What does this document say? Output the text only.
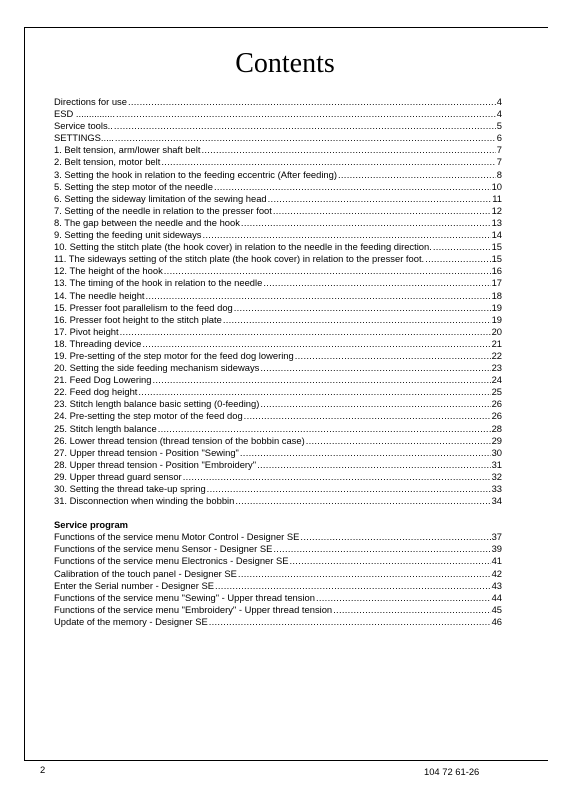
Contents
Directions for use .....	4
ESD ............... .....	4
Service tools.. .....	5
SETTINGS..... .....	6
1. Belt tension, arm/lower shaft belt .....	7
2. Belt tension, motor belt .....	7
3. Setting the hook in relation to the feeding eccentric (After feeding) .....	8
5. Setting the step motor of the needle .....	10
6. Setting the sideway limitation of the sewing head .....	11
7. Setting of the needle in relation to the presser foot .....	12
8. The gap between the needle and the hook .....	13
9. Setting the feeding unit sideways .....	14
10. Setting the stitch plate (the hook cover) in relation to the needle in the feeding direction. .....	15
11. The sideways setting of the stitch plate (the hook cover) in relation to the presser foot. .....	15
12. The height of the hook .....	16
13. The timing of the hook in relation to the needle .....	17
14. The needle height .....	18
15. Presser foot parallelism to the feed dog .....	19
16. Presser foot height to the stitch plate .....	19
17. Pivot height .....	20
18. Threading device .....	21
19. Pre-setting of the step motor for the feed dog lowering .....	22
20. Setting the side feeding mechanism sideways .....	23
21. Feed Dog Lowering .....	24
22. Feed dog height .....	25
23. Stitch length balance basic setting (0-feeding) .....	26
24. Pre-setting the step motor of the feed dog .....	26
25. Stitch length balance .....	28
26. Lower thread tension (thread tension of the bobbin case) .....	29
27. Upper thread tension - Position "Sewing" .....	30
28. Upper thread tension - Position "Embroidery" .....	31
29. Upper thread guard sensor .....	32
30. Setting the thread take-up spring .....	33
31. Disconnection when winding the bobbin .....	34
Service program
Functions of the service menu Motor Control - Designer SE .....	37
Functions of the service menu Sensor - Designer SE .....	39
Functions of the service menu Electronics - Designer SE .....	41
Calibration of the touch panel - Designer SE .....	42
Enter the Serial number - Designer SE .....	43
Functions of the service menu "Sewing" - Upper thread tension .....	44
Functions of the service menu "Embroidery" - Upper thread tension .....	45
Update of the memory - Designer SE .....	46
2	104 72 61-26
